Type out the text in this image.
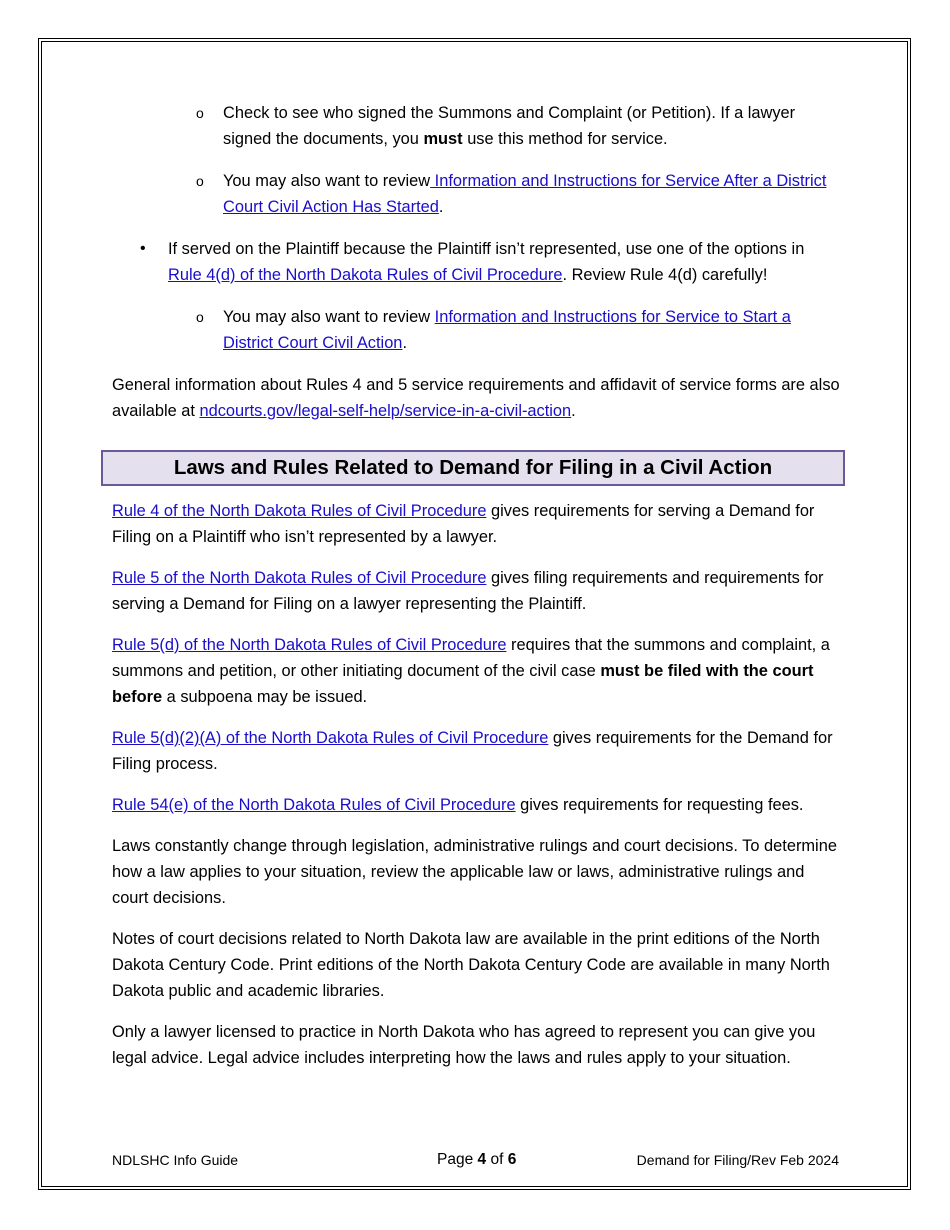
o Check to see who signed the Summons and Complaint (or Petition). If a lawyer signed the documents, you must use this method for service.

o You may also want to review Information and Instructions for Service After a District Court Civil Action Has Started.

• If served on the Plaintiff because the Plaintiff isn’t represented, use one of the options in Rule 4(d) of the North Dakota Rules of Civil Procedure. Review Rule 4(d) carefully!

o You may also want to review Information and Instructions for Service to Start a District Court Civil Action.

General information about Rules 4 and 5 service requirements and affidavit of service forms are also available at ndcourts.gov/legal-self-help/service-in-a-civil-action.

Laws and Rules Related to Demand for Filing in a Civil Action

Rule 4 of the North Dakota Rules of Civil Procedure gives requirements for serving a Demand for Filing on a Plaintiff who isn’t represented by a lawyer.

Rule 5 of the North Dakota Rules of Civil Procedure gives filing requirements and requirements for serving a Demand for Filing on a lawyer representing the Plaintiff.

Rule 5(d) of the North Dakota Rules of Civil Procedure requires that the summons and complaint, a summons and petition, or other initiating document of the civil case must be filed with the court before a subpoena may be issued.

Rule 5(d)(2)(A) of the North Dakota Rules of Civil Procedure gives requirements for the Demand for Filing process.

Rule 54(e) of the North Dakota Rules of Civil Procedure gives requirements for requesting fees.

Laws constantly change through legislation, administrative rulings and court decisions. To determine how a law applies to your situation, review the applicable law or laws, administrative rulings and court decisions.

Notes of court decisions related to North Dakota law are available in the print editions of the North Dakota Century Code. Print editions of the North Dakota Century Code are available in many North Dakota public and academic libraries.

Only a lawyer licensed to practice in North Dakota who has agreed to represent you can give you legal advice. Legal advice includes interpreting how the laws and rules apply to your situation.

NDLSHC Info Guide	Page 4 of 6	Demand for Filing/Rev Feb 2024
